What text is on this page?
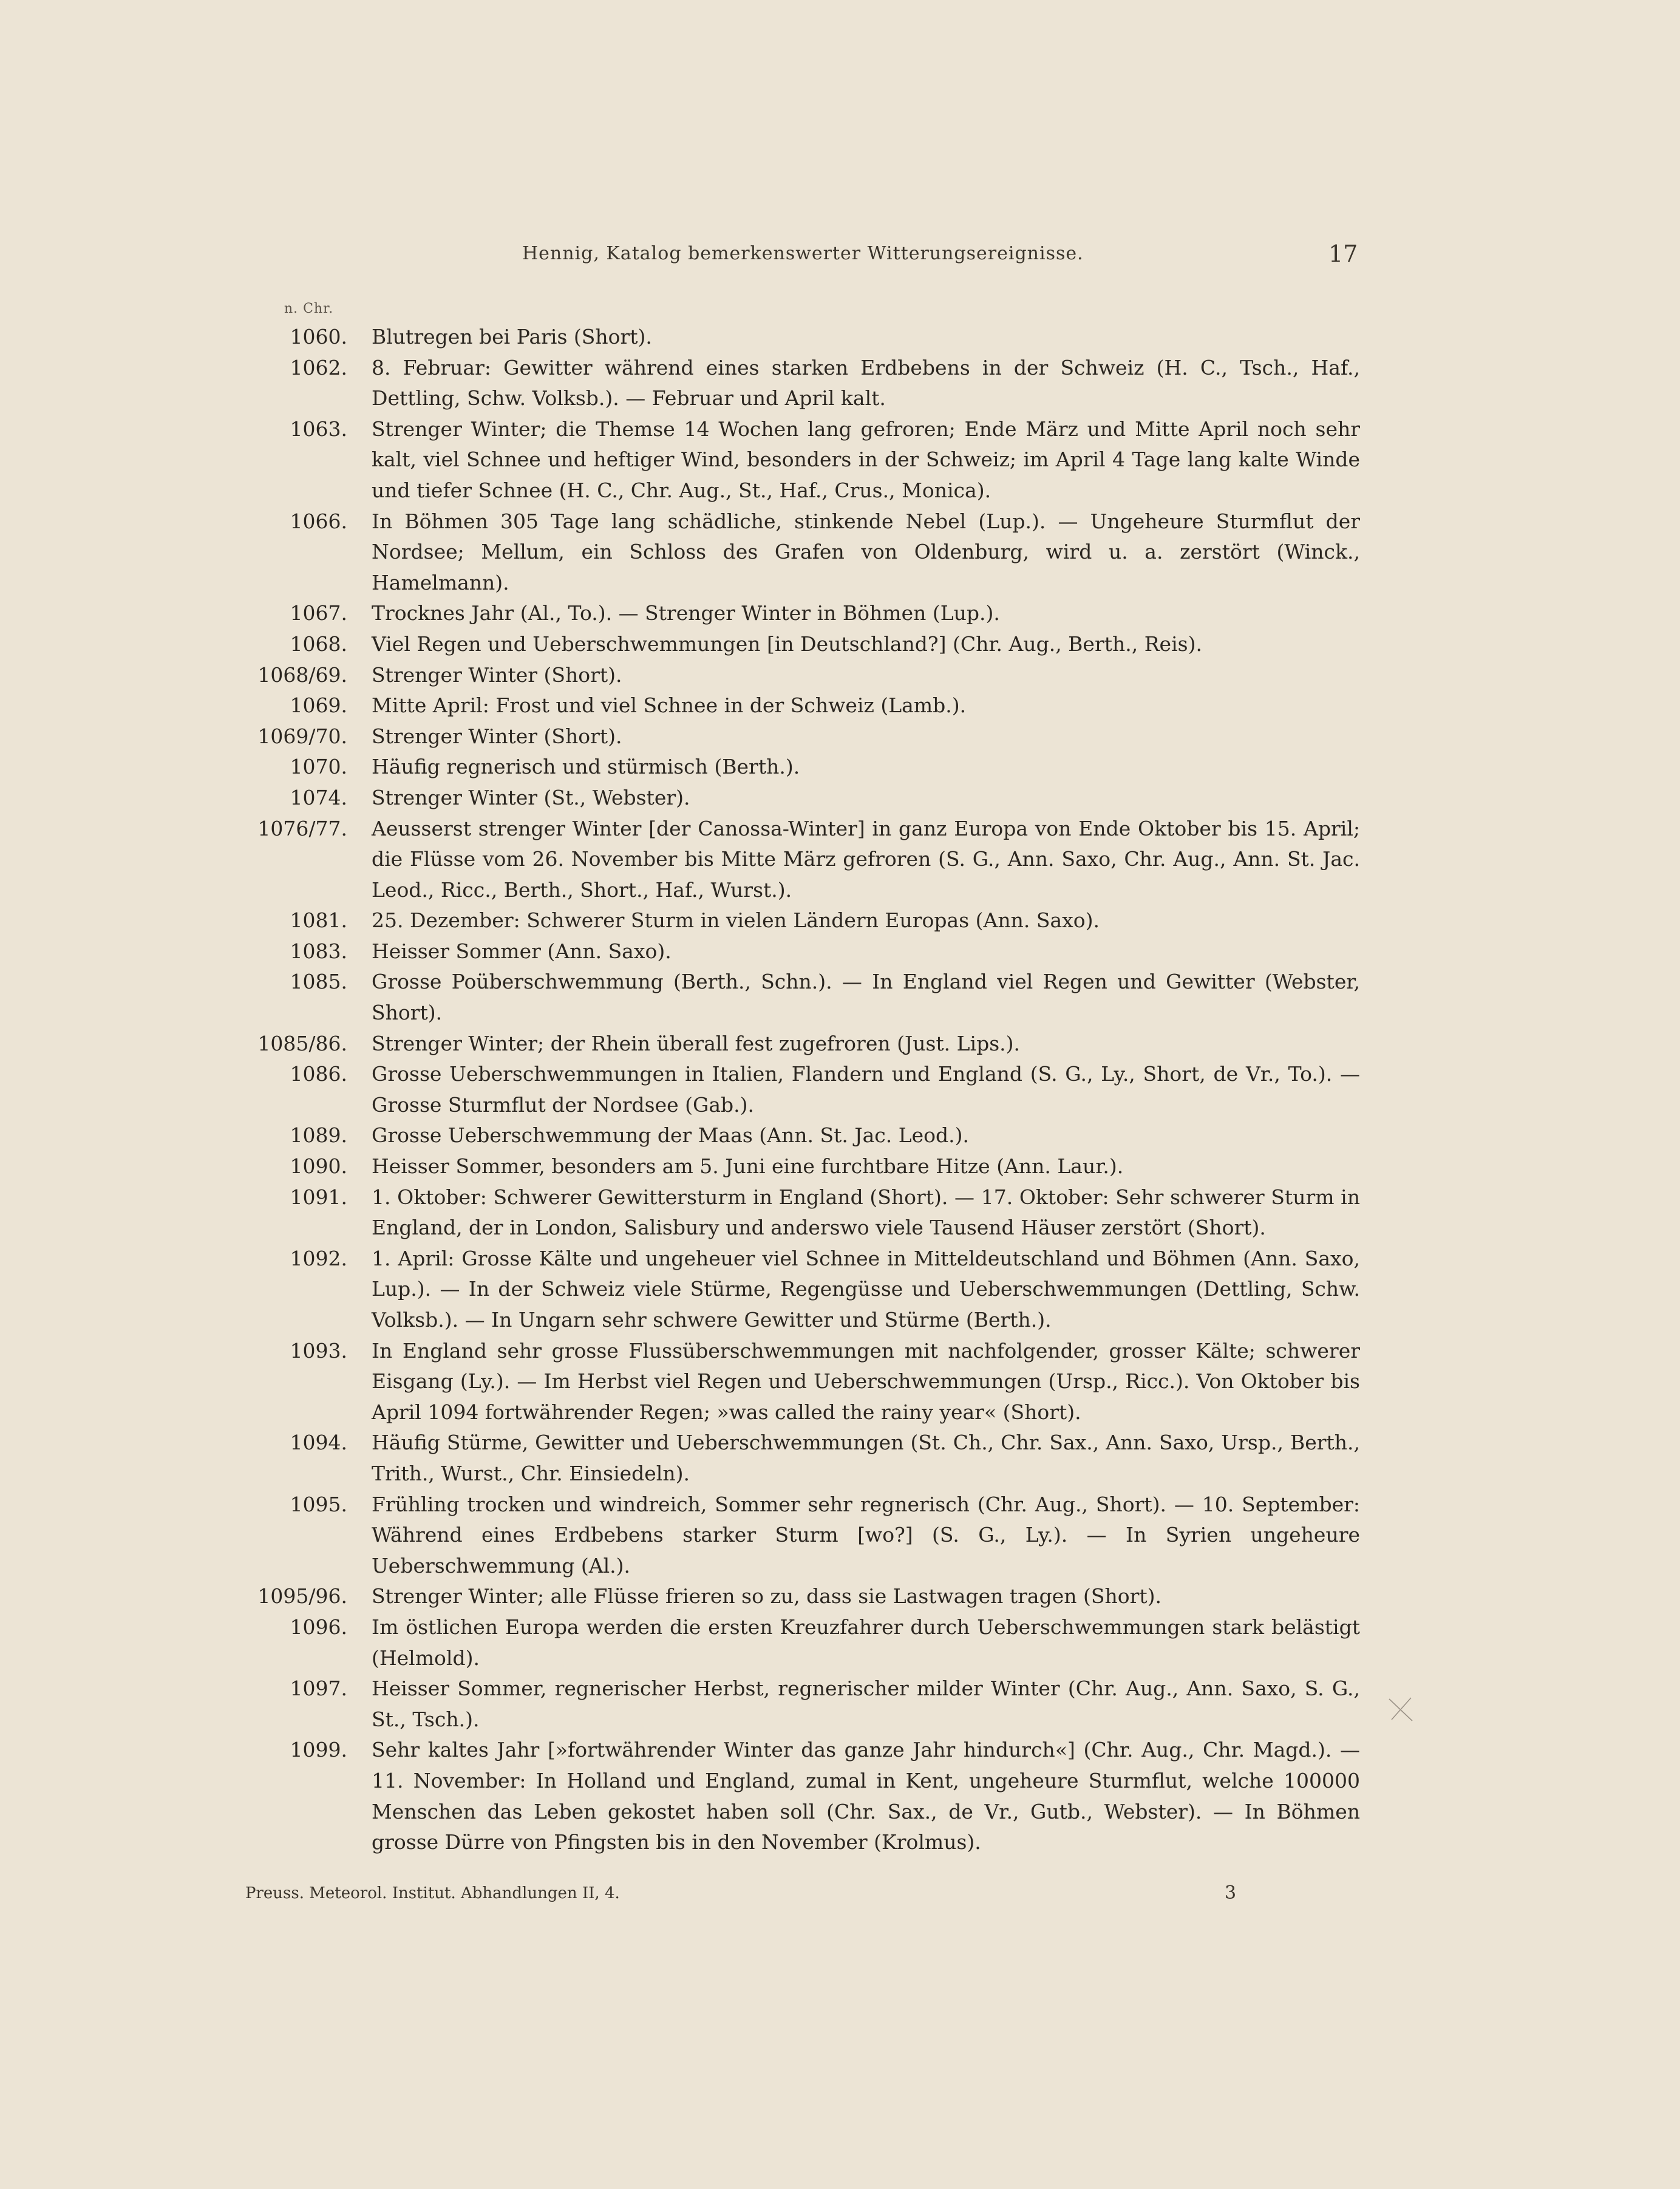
Hennig, Katalog bemerkenswerter Witterungsereignisse.	17
n. Chr.
1060.	Blutregen bei Paris (Short).
1062.	8. Februar: Gewitter während eines starken Erdbebens in der Schweiz (H. C., Tsch., Haf., Dettling, Schw. Volksb.). — Februar und April kalt.
1063.	Strenger Winter; die Themse 14 Wochen lang gefroren; Ende März und Mitte April noch sehr kalt, viel Schnee und heftiger Wind, besonders in der Schweiz; im April 4 Tage lang kalte Winde und tiefer Schnee (H. C., Chr. Aug., St., Haf., Crus., Monica).
1066.	In Böhmen 305 Tage lang schädliche, stinkende Nebel (Lup.). — Ungeheure Sturmflut der Nordsee; Mellum, ein Schloss des Grafen von Oldenburg, wird u. a. zerstört (Winck., Hamelmann).
1067.	Trocknes Jahr (Al., To.). — Strenger Winter in Böhmen (Lup.).
1068.	Viel Regen und Ueberschwemmungen [in Deutschland?] (Chr. Aug., Berth., Reis).
1068/69.	Strenger Winter (Short).
1069.	Mitte April: Frost und viel Schnee in der Schweiz (Lamb.).
1069/70.	Strenger Winter (Short).
1070.	Häufig regnerisch und stürmisch (Berth.).
1074.	Strenger Winter (St., Webster).
1076/77.	Aeusserst strenger Winter [der Canossa-Winter] in ganz Europa von Ende Oktober bis 15. April; die Flüsse vom 26. November bis Mitte März gefroren (S. G., Ann. Saxo, Chr. Aug., Ann. St. Jac. Leod., Ricc., Berth., Short., Haf., Wurst.).
1081.	25. Dezember: Schwerer Sturm in vielen Ländern Europas (Ann. Saxo).
1083.	Heisser Sommer (Ann. Saxo).
1085.	Grosse Poüberschwemmung (Berth., Schn.). — In England viel Regen und Gewitter (Webster, Short).
1085/86.	Strenger Winter; der Rhein überall fest zugefroren (Just. Lips.).
1086.	Grosse Ueberschwemmungen in Italien, Flandern und England (S. G., Ly., Short, de Vr., To.). — Grosse Sturmflut der Nordsee (Gab.).
1089.	Grosse Ueberschwemmung der Maas (Ann. St. Jac. Leod.).
1090.	Heisser Sommer, besonders am 5. Juni eine furchtbare Hitze (Ann. Laur.).
1091.	1. Oktober: Schwerer Gewittersturm in England (Short). — 17. Oktober: Sehr schwerer Sturm in England, der in London, Salisbury und anderswo viele Tausend Häuser zerstört (Short).
1092.	1. April: Grosse Kälte und ungeheuer viel Schnee in Mitteldeutschland und Böhmen (Ann. Saxo, Lup.). — In der Schweiz viele Stürme, Regengüsse und Ueberschwemmungen (Dettling, Schw. Volksb.). — In Ungarn sehr schwere Gewitter und Stürme (Berth.).
1093.	In England sehr grosse Flussüberschwemmungen mit nachfolgender, grosser Kälte; schwerer Eisgang (Ly.). — Im Herbst viel Regen und Ueberschwemmungen (Ursp., Ricc.). Von Oktober bis April 1094 fortwährender Regen; »was called the rainy year« (Short).
1094.	Häufig Stürme, Gewitter und Ueberschwemmungen (St. Ch., Chr. Sax., Ann. Saxo, Ursp., Berth., Trith., Wurst., Chr. Einsiedeln).
1095.	Frühling trocken und windreich, Sommer sehr regnerisch (Chr. Aug., Short). — 10. September: Während eines Erdbebens starker Sturm [wo?] (S. G., Ly.). — In Syrien ungeheure Ueberschwemmung (Al.).
1095/96.	Strenger Winter; alle Flüsse frieren so zu, dass sie Lastwagen tragen (Short).
1096.	Im östlichen Europa werden die ersten Kreuzfahrer durch Ueberschwemmungen stark belästigt (Helmold).
1097.	Heisser Sommer, regnerischer Herbst, regnerischer milder Winter (Chr. Aug., Ann. Saxo, S. G., St., Tsch.).
1099.	Sehr kaltes Jahr [»fortwährender Winter das ganze Jahr hindurch«] (Chr. Aug., Chr. Magd.). — 11. November: In Holland und England, zumal in Kent, ungeheure Sturmflut, welche 100000 Menschen das Leben gekostet haben soll (Chr. Sax., de Vr., Gutb., Webster). — In Böhmen grosse Dürre von Pfingsten bis in den November (Krolmus).
Preuss. Meteorol. Institut. Abhandlungen II, 4.	3
